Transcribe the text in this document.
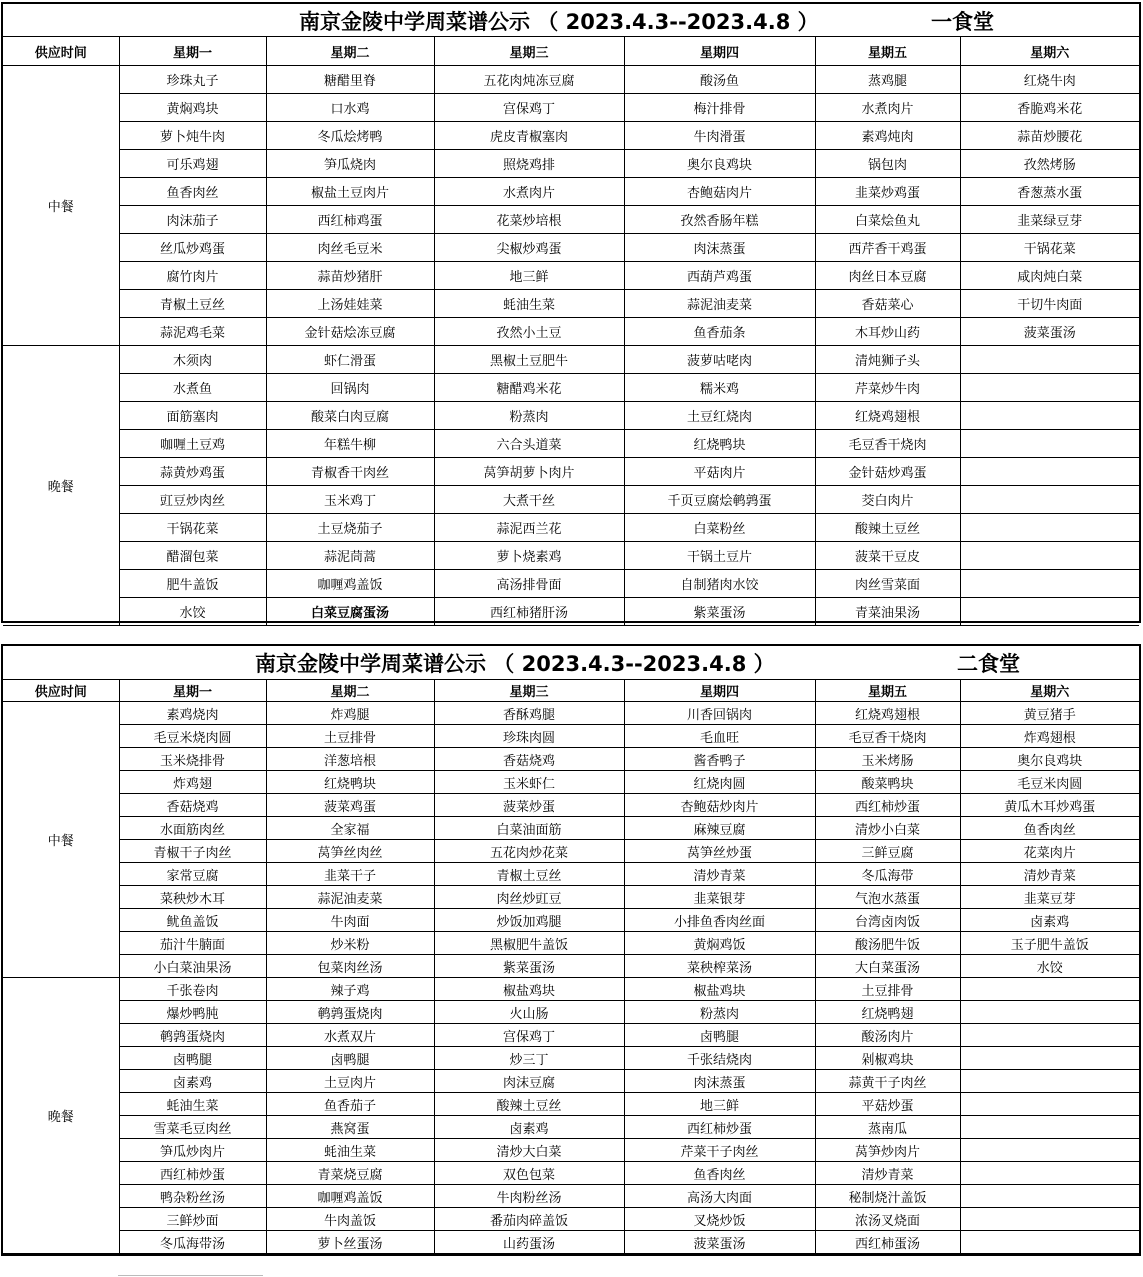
南京金陵中学周菜谱公示 （ 2023.4.3--2023.4.8 ）	一食堂
供应时间	星期一	星期二	星期三	星期四	星期五	星期六
中餐	珍珠丸子	糖醋里脊	五花肉炖冻豆腐	酸汤鱼	蒸鸡腿	红烧牛肉
	黄焖鸡块	口水鸡	宫保鸡丁	梅汁排骨	水煮肉片	香脆鸡米花
	萝卜炖牛肉	冬瓜烩烤鸭	虎皮青椒塞肉	牛肉滑蛋	素鸡炖肉	蒜苗炒腰花
	可乐鸡翅	笋瓜烧肉	照烧鸡排	奥尔良鸡块	锅包肉	孜然烤肠
	鱼香肉丝	椒盐土豆肉片	水煮肉片	杏鲍菇肉片	韭菜炒鸡蛋	香葱蒸水蛋
	肉沫茄子	西红柿鸡蛋	花菜炒培根	孜然香肠年糕	白菜烩鱼丸	韭菜绿豆芽
	丝瓜炒鸡蛋	肉丝毛豆米	尖椒炒鸡蛋	肉沫蒸蛋	西芹香干鸡蛋	干锅花菜
	腐竹肉片	蒜苗炒猪肝	地三鲜	西葫芦鸡蛋	肉丝日本豆腐	咸肉炖白菜
	青椒土豆丝	上汤娃娃菜	蚝油生菜	蒜泥油麦菜	香菇菜心	干切牛肉面
	蒜泥鸡毛菜	金针菇烩冻豆腐	孜然小土豆	鱼香茄条	木耳炒山药	菠菜蛋汤
晚餐	木须肉	虾仁滑蛋	黑椒土豆肥牛	菠萝咕咾肉	清炖狮子头	
	水煮鱼	回锅肉	糖醋鸡米花	糯米鸡	芹菜炒牛肉	
	面筋塞肉	酸菜白肉豆腐	粉蒸肉	土豆红烧肉	红烧鸡翅根	
	咖喱土豆鸡	年糕牛柳	六合头道菜	红烧鸭块	毛豆香干烧肉	
	蒜黄炒鸡蛋	青椒香干肉丝	莴笋胡萝卜肉片	平菇肉片	金针菇炒鸡蛋	
	豇豆炒肉丝	玉米鸡丁	大煮干丝	千页豆腐烩鹌鹑蛋	茭白肉片	
	干锅花菜	土豆烧茄子	蒜泥西兰花	白菜粉丝	酸辣土豆丝	
	醋溜包菜	蒜泥茼蒿	萝卜烧素鸡	干锅土豆片	菠菜干豆皮	
	肥牛盖饭	咖喱鸡盖饭	高汤排骨面	自制猪肉水饺	肉丝雪菜面	
	水饺	白菜豆腐蛋汤	西红柿猪肝汤	紫菜蛋汤	青菜油果汤	
南京金陵中学周菜谱公示 （ 2023.4.3--2023.4.8 ）	二食堂
供应时间	星期一	星期二	星期三	星期四	星期五	星期六
中餐	素鸡烧肉	炸鸡腿	香酥鸡腿	川香回锅肉	红烧鸡翅根	黄豆猪手
	毛豆米烧肉圆	土豆排骨	珍珠肉圆	毛血旺	毛豆香干烧肉	炸鸡翅根
	玉米烧排骨	洋葱培根	香菇烧鸡	酱香鸭子	玉米烤肠	奥尔良鸡块
	炸鸡翅	红烧鸭块	玉米虾仁	红烧肉圆	酸菜鸭块	毛豆米肉圆
	香菇烧鸡	菠菜鸡蛋	菠菜炒蛋	杏鲍菇炒肉片	西红柿炒蛋	黄瓜木耳炒鸡蛋
	水面筋肉丝	全家福	白菜油面筋	麻辣豆腐	清炒小白菜	鱼香肉丝
	青椒干子肉丝	莴笋丝肉丝	五花肉炒花菜	莴笋丝炒蛋	三鲜豆腐	花菜肉片
	家常豆腐	韭菜干子	青椒土豆丝	清炒青菜	冬瓜海带	清炒青菜
	菜秧炒木耳	蒜泥油麦菜	肉丝炒豇豆	韭菜银芽	气泡水蒸蛋	韭菜豆芽
	鱿鱼盖饭	牛肉面	炒饭加鸡腿	小排鱼香肉丝面	台湾卤肉饭	卤素鸡
	茄汁牛腩面	炒米粉	黑椒肥牛盖饭	黄焖鸡饭	酸汤肥牛饭	玉子肥牛盖饭
	小白菜油果汤	包菜肉丝汤	紫菜蛋汤	菜秧榨菜汤	大白菜蛋汤	水饺
晚餐	千张卷肉	辣子鸡	椒盐鸡块	椒盐鸡块	土豆排骨	
	爆炒鸭肫	鹌鹑蛋烧肉	火山肠	粉蒸肉	红烧鸭翅	
	鹌鹑蛋烧肉	水煮双片	宫保鸡丁	卤鸭腿	酸汤肉片	
	卤鸭腿	卤鸭腿	炒三丁	千张结烧肉	剁椒鸡块	
	卤素鸡	土豆肉片	肉沫豆腐	肉沫蒸蛋	蒜黄干子肉丝	
	蚝油生菜	鱼香茄子	酸辣土豆丝	地三鲜	平菇炒蛋	
	雪菜毛豆肉丝	燕窝蛋	卤素鸡	西红柿炒蛋	蒸南瓜	
	笋瓜炒肉片	蚝油生菜	清炒大白菜	芹菜干子肉丝	莴笋炒肉片	
	西红柿炒蛋	青菜烧豆腐	双色包菜	鱼香肉丝	清炒青菜	
	鸭杂粉丝汤	咖喱鸡盖饭	牛肉粉丝汤	高汤大肉面	秘制烧汁盖饭	
	三鲜炒面	牛肉盖饭	番茄肉碎盖饭	叉烧炒饭	浓汤叉烧面	
	冬瓜海带汤	萝卜丝蛋汤	山药蛋汤	菠菜蛋汤	西红柿蛋汤	
